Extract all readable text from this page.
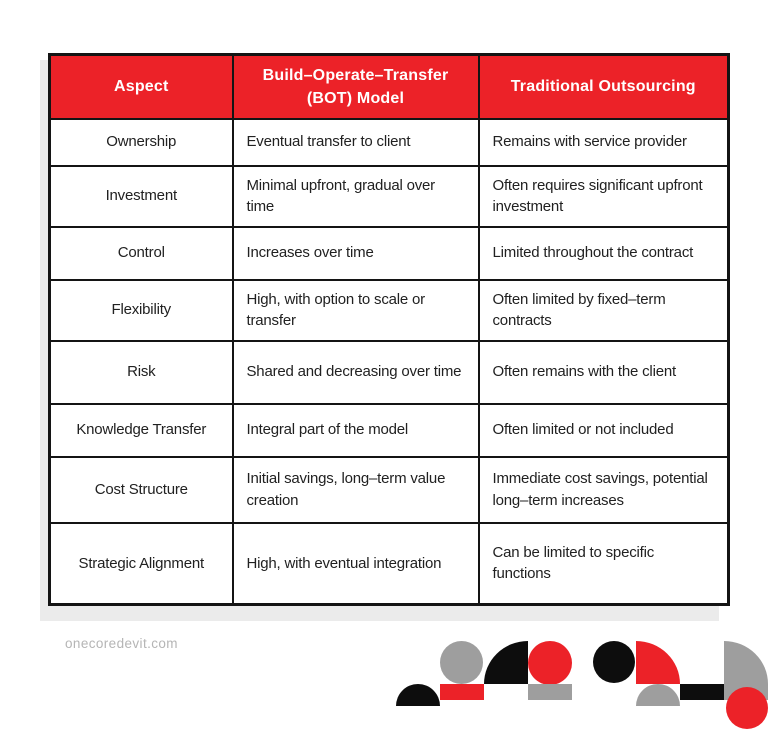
Aspect	Build–Operate–Transfer (BOT) Model	Traditional Outsourcing
Ownership	Eventual transfer to client	Remains with service provider
Investment	Minimal upfront, gradual over time	Often requires significant upfront investment
Control	Increases over time	Limited throughout the contract
Flexibility	High, with option to scale or transfer	Often limited by fixed–term contracts
Risk	Shared and decreasing over time	Often remains with the client
Knowledge Transfer	Integral part of the model	Often limited or not included
Cost Structure	Initial savings, long–term value creation	Immediate cost savings, potential long–term increases
Strategic Alignment	High, with eventual integration	Can be limited to specific functions
onecoredevit.com
